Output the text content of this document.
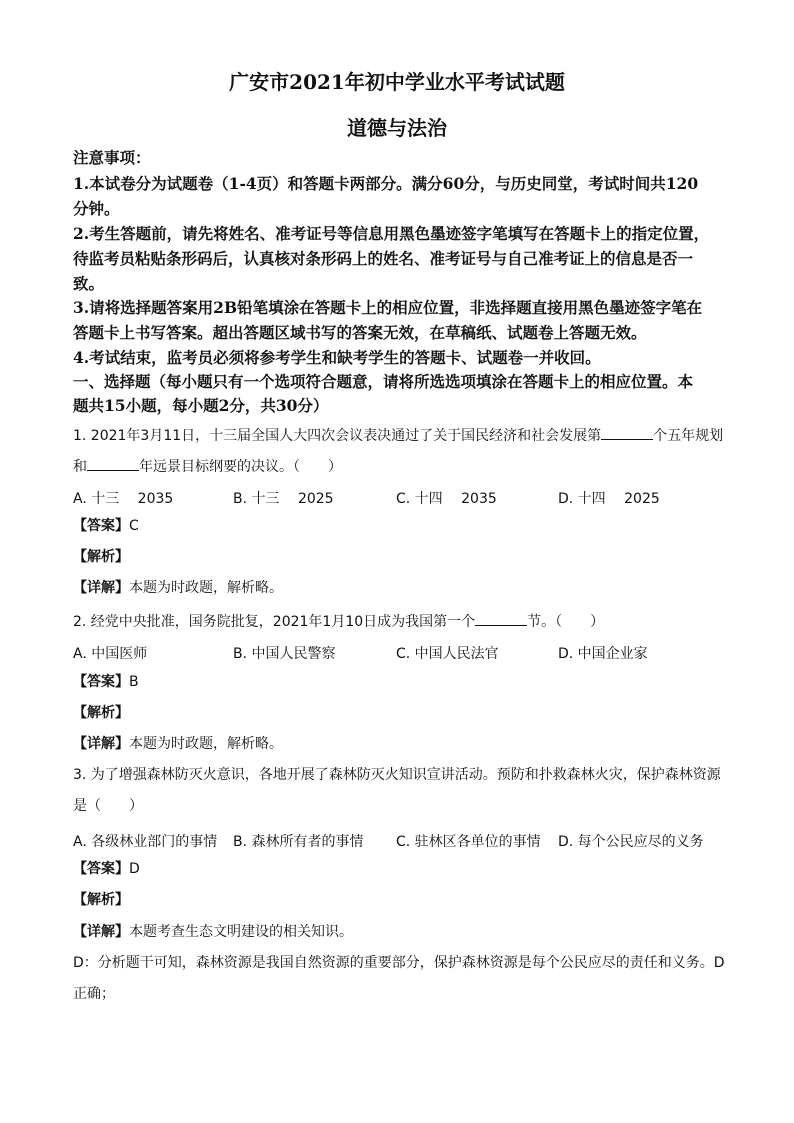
广安市2021年初中学业水平考试试题
道德与法治
注意事项：
1.本试卷分为试题卷（1-4页）和答题卡两部分。满分60分，与历史同堂，考试时间共120
分钟。
2.考生答题前，请先将姓名、准考证号等信息用黑色墨迹签字笔填写在答题卡上的指定位置，
待监考员粘贴条形码后，认真核对条形码上的姓名、准考证号与自己准考证上的信息是否一
致。
3.请将选择题答案用2B铅笔填涂在答题卡上的相应位置，非选择题直接用黑色墨迹签字笔在
答题卡上书写答案。超出答题区域书写的答案无效，在草稿纸、试题卷上答题无效。
4.考试结束，监考员必须将参考学生和缺考学生的答题卡、试题卷一并收回。
一、选择题（每小题只有一个选项符合题意，请将所选选项填涂在答题卡上的相应位置。本
题共15小题，每小题2分，共30分）
1. 2021年3月11日，十三届全国人大四次会议表决通过了关于国民经济和社会发展第	个五年规划
和	年远景目标纲要的决议。（　　）
A. 十三　 2035	B. 十三　 2025	C. 十四　 2035	D. 十四　 2025
【答案】C
【解析】
【详解】本题为时政题，解析略。
2. 经党中央批准，国务院批复，2021年1月10日成为我国第一个	节。（　　）
A. 中国医师	B. 中国人民警察	C. 中国人民法官	D. 中国企业家
【答案】B
【解析】
【详解】本题为时政题，解析略。
3. 为了增强森林防灭火意识，各地开展了森林防灭火知识宣讲活动。预防和扑救森林火灾，保护森林资源
是（　　）
A. 各级林业部门的事情 B. 森林所有者的事情 C. 驻林区各单位的事情 D. 每个公民应尽的义务
【答案】D
【解析】
【详解】本题考查生态文明建设的相关知识。
D：分析题干可知，森林资源是我国自然资源的重要部分，保护森林资源是每个公民应尽的责任和义务。D
正确；
